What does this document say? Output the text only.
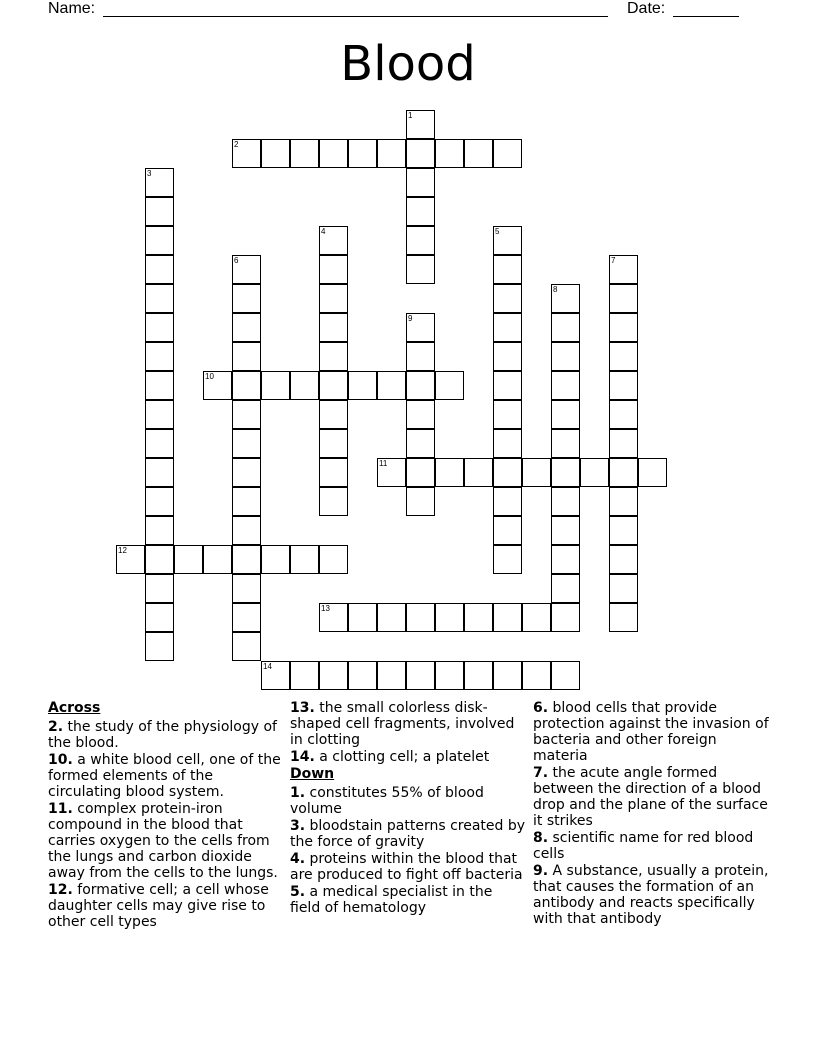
Name:	Date:
Blood
2
10
11
12
13
14
1
3
4	5
6	7
8
9
Across
2. the study of the physiology of the blood.
10. a white blood cell, one of the formed elements of the circulating blood system.
11. complex protein-iron compound in the blood that carries oxygen to the cells from the lungs and carbon dioxide away from the cells to the lungs.
12. formative cell; a cell whose daughter cells may give rise to other cell types
13. the small colorless disk-shaped cell fragments, involved in clotting
14. a clotting cell; a platelet
Down
1. constitutes 55% of blood volume
3. bloodstain patterns created by the force of gravity
4. proteins within the blood that are produced to fight off bacteria
5. a medical specialist in the field of hematology
6. blood cells that provide protection against the invasion of bacteria and other foreign materia
7. the acute angle formed between the direction of a blood drop and the plane of the surface it strikes
8. scientific name for red blood cells
9. A substance, usually a protein, that causes the formation of an antibody and reacts specifically with that antibody
